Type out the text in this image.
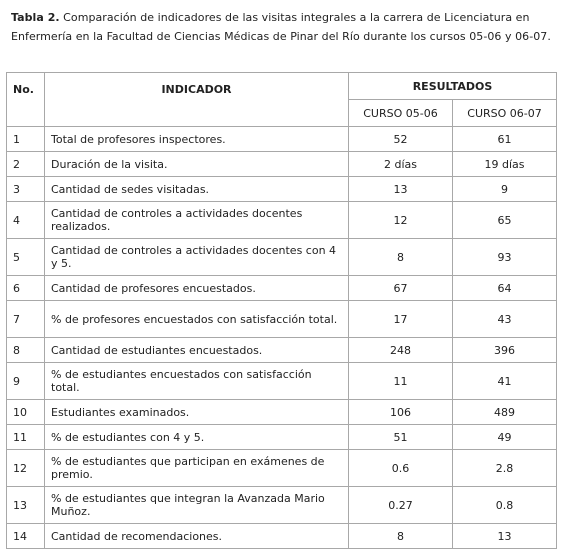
Tabla 2. Comparación de indicadores de las visitas integrales a la carrera de Licenciatura en Enfermería en la Facultad de Ciencias Médicas de Pinar del Río durante los cursos 05-06 y 06-07.
No.	INDICADOR	RESULTADOS	
		CURSO 05-06	CURSO 06-07
1	Total de profesores inspectores.	52	61
2	Duración de la visita.	2 días	19 días
3	Cantidad de sedes visitadas.	13	9
4	Cantidad de controles a actividades docentes realizados.	12	65
5	Cantidad de controles a actividades docentes con 4 y 5.	8	93
6	Cantidad de profesores encuestados.	67	64
7	% de profesores encuestados con satisfacción total.	17	43
8	Cantidad de estudiantes encuestados.	248	396
9	% de estudiantes encuestados con satisfacción total.	11	41
10	Estudiantes examinados.	106	489
11	% de estudiantes con 4 y 5.	51	49
12	% de estudiantes que participan en exámenes de premio.	0.6	2.8
13	% de estudiantes que integran la Avanzada Mario Muñoz.	0.27	0.8
14	Cantidad de recomendaciones.	8	13
